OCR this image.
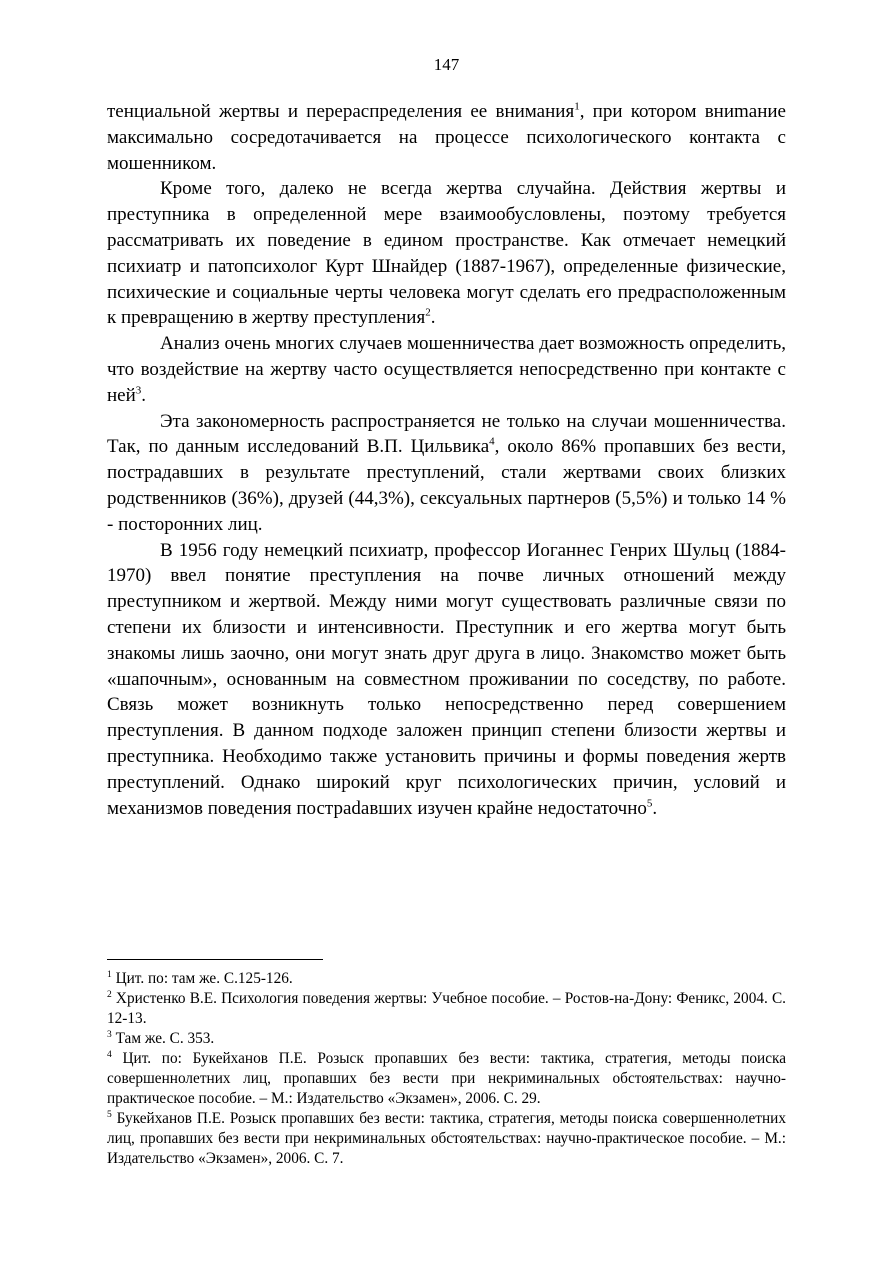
147

тенциальной жертвы и перераспределения ее внимания$^1$, при котором вниmание максимально сосредотачивается на процессе психологического контакта с мошенником.

Кроме того, далеко не всегда жертва случайна. Действия жертвы и преступника в определенной мере взаимообусловлены, поэтому требуется рассматривать их поведение в едином пространстве. Как отмечает немецкий психиатр и патопсихолог Курт Шнайдер (1887-1967), определенные физические, психические и социальные черты человека могут сделать его предрасположенным к превращению в жертву преступления$^2$.

Анализ очень многих случаев мошенничества дает возможность определить, что воздействие на жертву часто осуществляется непосредственно при контакте с ней$^3$.

Эта закономерность распространяется не только на случаи мошенничества. Так, по данным исследований В.П. Цильвика$^4$, около 86% пропавших без вести, пострадавших в результате преступлений, стали жертвами своих близких родственников (36%), друзей (44,3%), сексуальных партнеров (5,5%) и только 14 % - посторонних лиц.

В 1956 году немецкий психиатр, профессор Иоганнес Генрих Шульц (1884-1970) ввел понятие преступления на почве личных отношений между преступником и жертвой. Между ними могут существовать различные связи по степени их близости и интенсивности. Преступник и его жертва могут быть знакомы лишь заочно, они могут знать друг друга в лицо. Знакомство может быть «шапочным», основанным на совместном проживании по соседству, по работе. Связь может возникнуть только непосредственно перед совершением преступления. В данном подходе заложен принцип степени близости жертвы и преступника. Необходимо также установить причины и формы поведения жертв преступлений. Однако широкий круг психологических причин, условий и механизмов поведения постраdавших изучен крайне недостаточно$^5$.

$^1$ Цит. по: там же. С.125-126.

$^2$ Христенко В.Е. Психология поведения жертвы: Учебное пособие. – Ростов-на-Дону: Феникс, 2004. С. 12-13.

$^3$ Там же. С. 353.

$^4$ Цит. по: Букейханов П.Е. Розыск пропавших без вести: тактика, стратегия, методы поиска совершеннолетних лиц, пропавших без вести при некриминальных обстоятельствах: научно-практическое пособие. – М.: Издательство «Экзамен», 2006. С. 29.

$^5$ Букейханов П.Е. Розыск пропавших без вести: тактика, стратегия, методы поиска совершеннолетних лиц, пропавших без вести при некриминальных обстоятельствах: научно-практическое пособие. – М.: Издательство «Экзамен», 2006. С. 7.
